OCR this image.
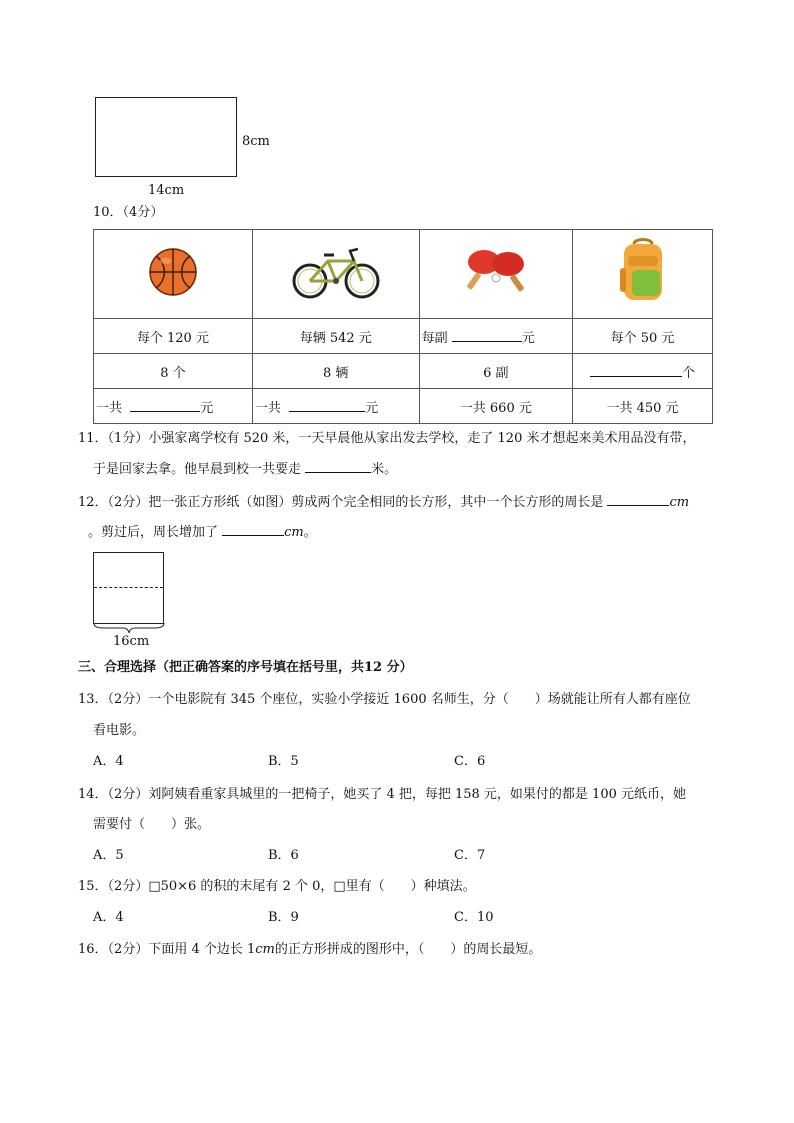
8cm
14cm
10．（4分）

每个 120 元	每辆 542 元	每副 元	每个 50 元
8 个	8 辆	6 副	个
一共 元	一共 元	一共 660 元	一共 450 元
11．（1分）小强家离学校有 520 米，一天早晨他从家出发去学校，走了 120 米才想起来美术用品没有带，
于是回家去拿。他早晨到校一共要走	米。
12．（2分）把一张正方形纸（如图）剪成两个完全相同的长方形，其中一个长方形的周长是	cm
。剪过后，周长增加了	cm。
16cm
三、合理选择（把正确答案的序号填在括号里，共12 分）
13．（2分）一个电影院有 345 个座位，实验小学接近 1600 名师生，分（　　）场就能让所有人都有座位
看电影。
A．4	B．5	C．6
14．（2分）刘阿姨看重家具城里的一把椅子，她买了 4 把，每把 158 元，如果付的都是 100 元纸币，她
需要付（　　）张。
A．5	B．6	C．7
15．（2分）□50×6 的积的末尾有 2 个 0，□里有（　　）种填法。
A．4	B．9	C．10
16．（2分）下面用 4 个边长 1cm的正方形拼成的图形中，（　　）的周长最短。
